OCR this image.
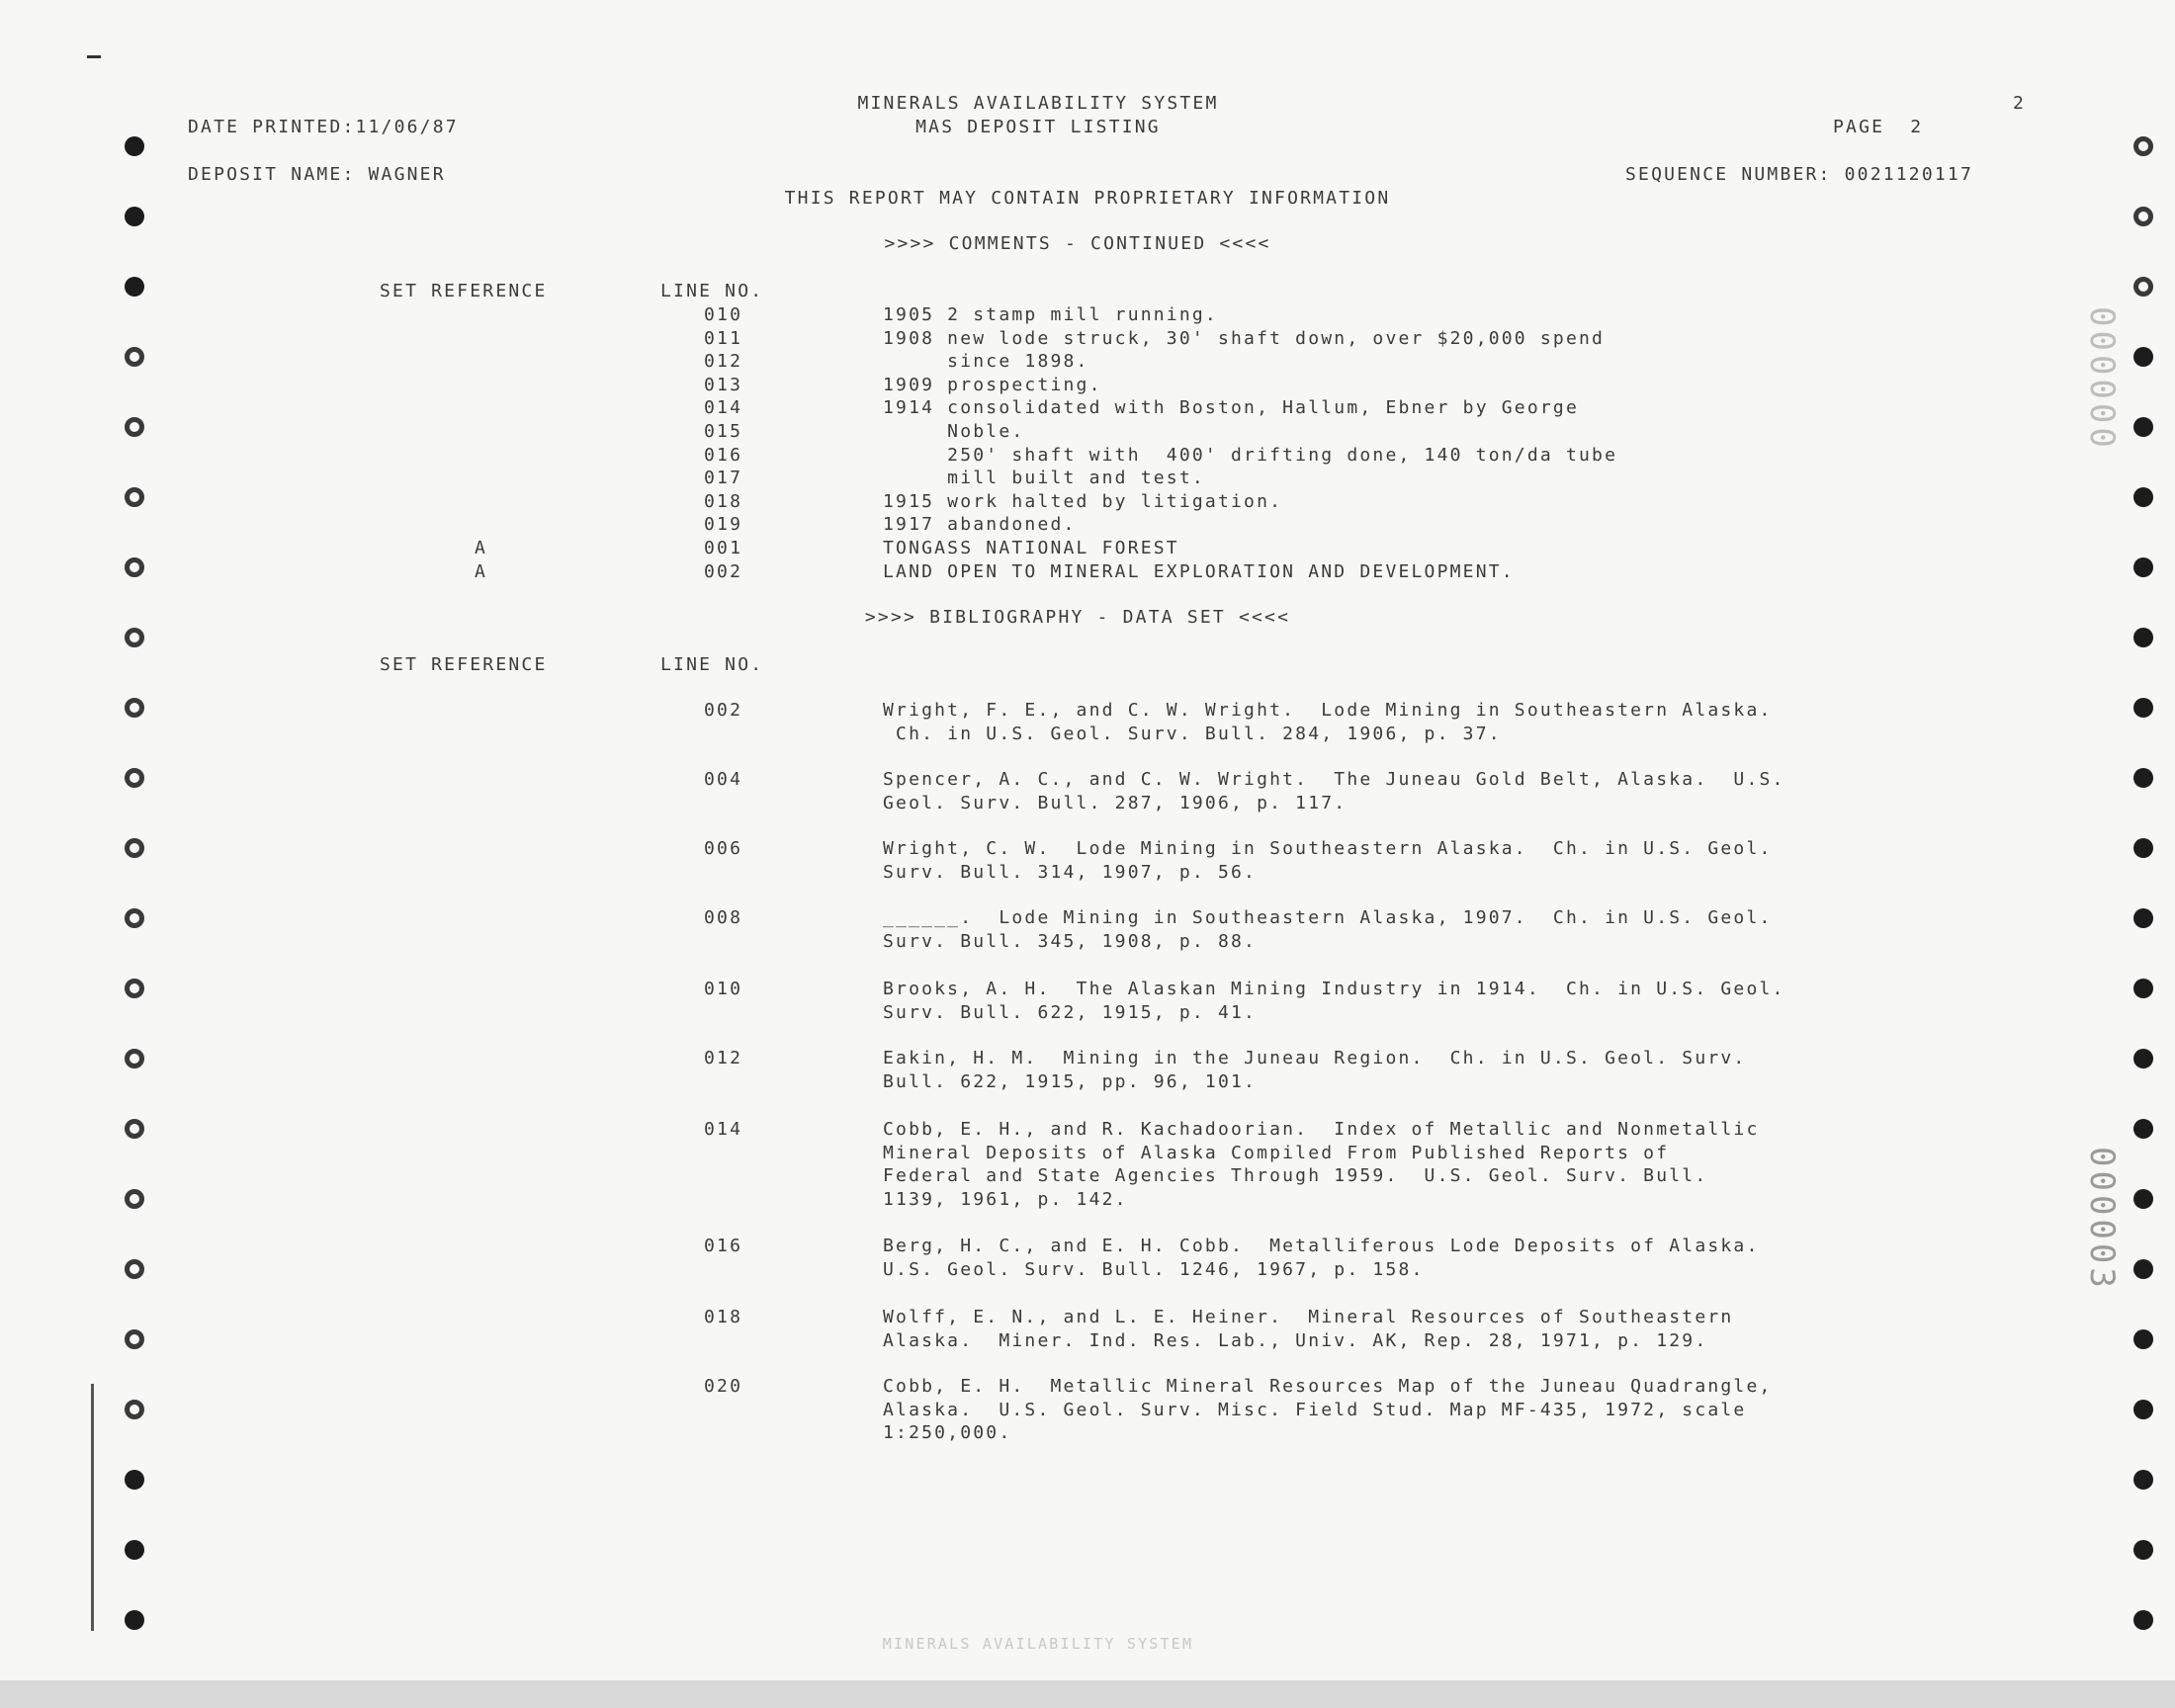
DATE PRINTED:11/06/87
MINERALS AVAILABILITY SYSTEM
MAS DEPOSIT LISTING	PAGE  2
2
DEPOSIT NAME: WAGNER	SEQUENCE NUMBER: 0021120117
THIS REPORT MAY CONTAIN PROPRIETARY INFORMATION
>>>> COMMENTS - CONTINUED <<<<
SET REFERENCE	LINE NO.
010	1905 2 stamp mill running.
011	1908 new lode struck, 30' shaft down, over $20,000 spend
012	since 1898.
013	1909 prospecting.
014	1914 consolidated with Boston, Hallum, Ebner by George
015	Noble.
016	250' shaft with  400' drifting done, 140 ton/da tube
017	mill built and test.
018	1915 work halted by litigation.
019	1917 abandoned.
A	001	TONGASS NATIONAL FOREST
A	002	LAND OPEN TO MINERAL EXPLORATION AND DEVELOPMENT.
>>>> BIBLIOGRAPHY - DATA SET <<<<
SET REFERENCE	LINE NO.
002	Wright, F. E., and C. W. Wright.  Lode Mining in Southeastern Alaska.
Ch. in U.S. Geol. Surv. Bull. 284, 1906, p. 37.
004	Spencer, A. C., and C. W. Wright.  The Juneau Gold Belt, Alaska.  U.S.
Geol. Surv. Bull. 287, 1906, p. 117.
006	Wright, C. W.  Lode Mining in Southeastern Alaska.  Ch. in U.S. Geol.
Surv. Bull. 314, 1907, p. 56.
008	______.  Lode Mining in Southeastern Alaska, 1907.  Ch. in U.S. Geol.
Surv. Bull. 345, 1908, p. 88.
010	Brooks, A. H.  The Alaskan Mining Industry in 1914.  Ch. in U.S. Geol.
Surv. Bull. 622, 1915, p. 41.
012	Eakin, H. M.  Mining in the Juneau Region.  Ch. in U.S. Geol. Surv.
Bull. 622, 1915, pp. 96, 101.
014	Cobb, E. H., and R. Kachadoorian.  Index of Metallic and Nonmetallic
Mineral Deposits of Alaska Compiled From Published Reports of
Federal and State Agencies Through 1959.  U.S. Geol. Surv. Bull.
1139, 1961, p. 142.
016	Berg, H. C., and E. H. Cobb.  Metalliferous Lode Deposits of Alaska.
U.S. Geol. Surv. Bull. 1246, 1967, p. 158.
018	Wolff, E. N., and L. E. Heiner.  Mineral Resources of Southeastern
Alaska.  Miner. Ind. Res. Lab., Univ. AK, Rep. 28, 1971, p. 129.
020	Cobb, E. H.  Metallic Mineral Resources Map of the Juneau Quadrangle,
Alaska.  U.S. Geol. Surv. Misc. Field Stud. Map MF-435, 1972, scale
1:250,000.
MINERALS AVAILABILITY SYSTEM
000000
000003
